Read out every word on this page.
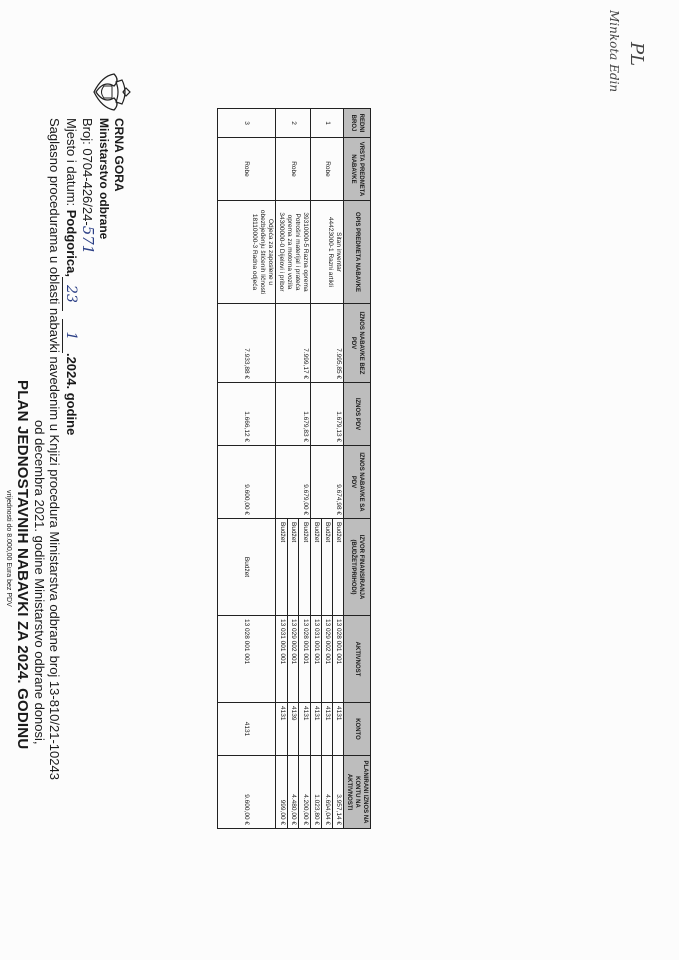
CRNA GORA
Ministarstvo odbrane
Broj: 0704-426/24-571
Mjesto i datum: Podgorica,231.2024. godine
Saglasno procedurama u oblasti nabavki navedenim u Knjizi procedura Ministarstva odbrane broj 13-810/21-10243
od decembra 2021. godine Ministarstvo odbrane donosi,
PLAN JEDNOSTAVNIH NABAVKI ZA 2024. GODINU
vrijednosti do 8.000,00 Eura bez PDV
PL
Minkota Edin
REDNI BROJ	VRSTA PREDMETA NABAVKE	OPIS PREDMETA NABAVKE	IZNOS NABAVKE BEZ PDV	IZNOS PDV	IZNOS NABAVKE SA PDV	IZVOR FINANSIRANJA (BUDŽET/PRIHODI)	AKTIVNOST	KONTO	PLANIRANI IZNOS NA KONTU NA AKTIVNOSTI
1	Robe	Sitan inventar
44423000-1 Razni artikli	7.995,85 €	1.679,13 €	9.674,98 €	Budžet	13 028 001 001	4131	3.957,14 €
						Budžet	13 029 002 001	4131	4.694,04 €
						Budžet	13 031 001 001	4131	1.023,80 €
2	Robe	39310000-5 Razna oprema
Potrošni materijal i prateća
oprema za motorna vozila
34300000-0 Dijelovi i pribor	7.999,17 €	1.679,83 €	9.679,00 €	Budžet	13 028 001 001	4131	4.200,00 €
						Budžet	13 029 002 001	4139	4.480,00 €
						Budžet	13 031 001 001	4131	999,00 €
3	Robe	Odjeća za zaposlene u
obezbjeđenju štićenih ličnosti
18110000-3 Radna odjeća	7.933,88 €	1.666,12 €	9.600,00 €	Budžet	13 028 001 001	4131	9.600,00 €
